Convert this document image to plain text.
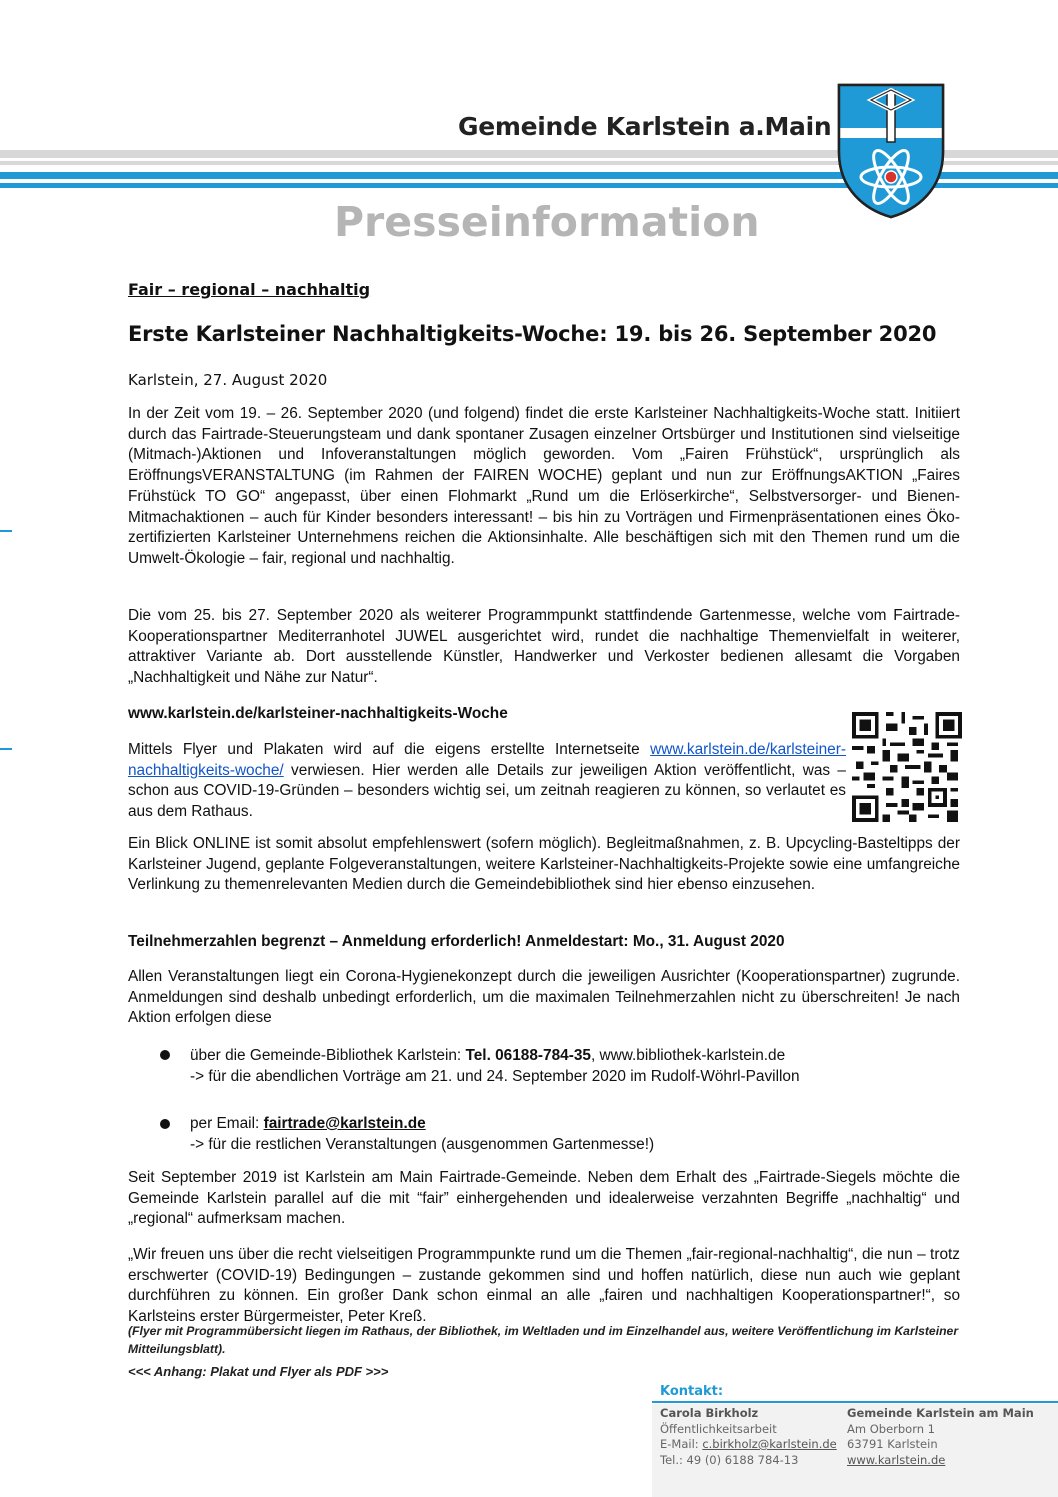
Gemeinde Karlstein a.Main
Presseinformation
Fair – regional – nachhaltig
Erste Karlsteiner Nachhaltigkeits-Woche: 19. bis 26. September 2020
Karlstein, 27. August 2020

In der Zeit vom 19. – 26. September 2020 (und folgend) findet die erste Karlsteiner Nachhaltigkeits-Woche statt. Initiiert durch das Fairtrade-Steuerungsteam und dank spontaner Zusagen einzelner Ortsbürger und Institutionen sind vielseitige (Mitmach-)Aktionen und Infoveranstaltungen möglich geworden. Vom „Fairen Frühstück“, ursprünglich als EröffnungsVERANSTALTUNG (im Rahmen der FAIREN WOCHE) geplant und nun zur EröffnungsAKTION „Faires Frühstück TO GO“ angepasst, über einen Flohmarkt „Rund um die Erlöserkirche“, Selbstversorger- und Bienen-Mitmachaktionen – auch für Kinder besonders interessant! – bis hin zu Vorträgen und Firmenpräsentationen eines Öko-zertifizierten Karlsteiner Unternehmens reichen die Aktionsinhalte. Alle beschäftigen sich mit den Themen rund um die Umwelt-Ökologie – fair, regional und nachhaltig.

Die vom 25. bis 27. September 2020 als weiterer Programmpunkt stattfindende Gartenmesse, welche vom Fairtrade-Kooperationspartner Mediterranhotel JUWEL ausgerichtet wird, rundet die nachhaltige Themenvielfalt in weiterer, attraktiver Variante ab. Dort ausstellende Künstler, Handwerker und Verkoster bedienen allesamt die Vorgaben „Nachhaltigkeit und Nähe zur Natur“.

www.karlstein.de/karlsteiner-nachhaltigkeits-Woche

Mittels Flyer und Plakaten wird auf die eigens erstellte Internetseite www.karlstein.de/karlsteiner-nachhaltigkeits-woche/ verwiesen. Hier werden alle Details zur jeweiligen Aktion veröffentlicht, was – schon aus COVID-19-Gründen – besonders wichtig sei, um zeitnah reagieren zu können, so verlautet es aus dem Rathaus.

Ein Blick ONLINE ist somit absolut empfehlenswert (sofern möglich). Begleitmaßnahmen, z. B. Upcycling-Basteltipps der Karlsteiner Jugend, geplante Folgeveranstaltungen, weitere Karlsteiner-Nachhaltigkeits-Projekte sowie eine umfangreiche Verlinkung zu themenrelevanten Medien durch die Gemeindebibliothek sind hier ebenso einzusehen.

Teilnehmerzahlen begrenzt – Anmeldung erforderlich! Anmeldestart: Mo., 31. August 2020

Allen Veranstaltungen liegt ein Corona-Hygienekonzept durch die jeweiligen Ausrichter (Kooperationspartner) zugrunde. Anmeldungen sind deshalb unbedingt erforderlich, um die maximalen Teilnehmerzahlen nicht zu überschreiten! Je nach Aktion erfolgen diese

über die Gemeinde-Bibliothek Karlstein: Tel. 06188-784-35, www.bibliothek-karlstein.de
-> für die abendlichen Vorträge am 21. und 24. September 2020 im Rudolf-Wöhrl-Pavillon
per Email: fairtrade@karlstein.de
-> für die restlichen Veranstaltungen (ausgenommen Gartenmesse!)

Seit September 2019 ist Karlstein am Main Fairtrade-Gemeinde. Neben dem Erhalt des „Fairtrade-Siegels möchte die Gemeinde Karlstein parallel auf die mit “fair” einhergehenden und idealerweise verzahnten Begriffe „nachhaltig“ und „regional“ aufmerksam machen.

„Wir freuen uns über die recht vielseitigen Programmpunkte rund um die Themen „fair-regional-nachhaltig“, die nun – trotz erschwerter (COVID-19) Bedingungen – zustande gekommen sind und hoffen natürlich, diese nun auch wie geplant durchführen zu können. Ein großer Dank schon einmal an alle „fairen und nachhaltigen Kooperationspartner!“, so Karlsteins erster Bürgermeister, Peter Kreß.

(Flyer mit Programmübersicht liegen im Rathaus, der Bibliothek, im Weltladen und im Einzelhandel aus, weitere Veröffentlichung im Karlsteiner Mitteilungsblatt).

<<< Anhang: Plakat und Flyer als PDF >>>
Kontakt:
Carola Birkholz
Öffentlichkeitsarbeit
E-Mail: c.birkholz@karlstein.de
Tel.: 49 (0) 6188 784-13
Gemeinde Karlstein am Main
Am Oberborn 1
63791 Karlstein
www.karlstein.de
